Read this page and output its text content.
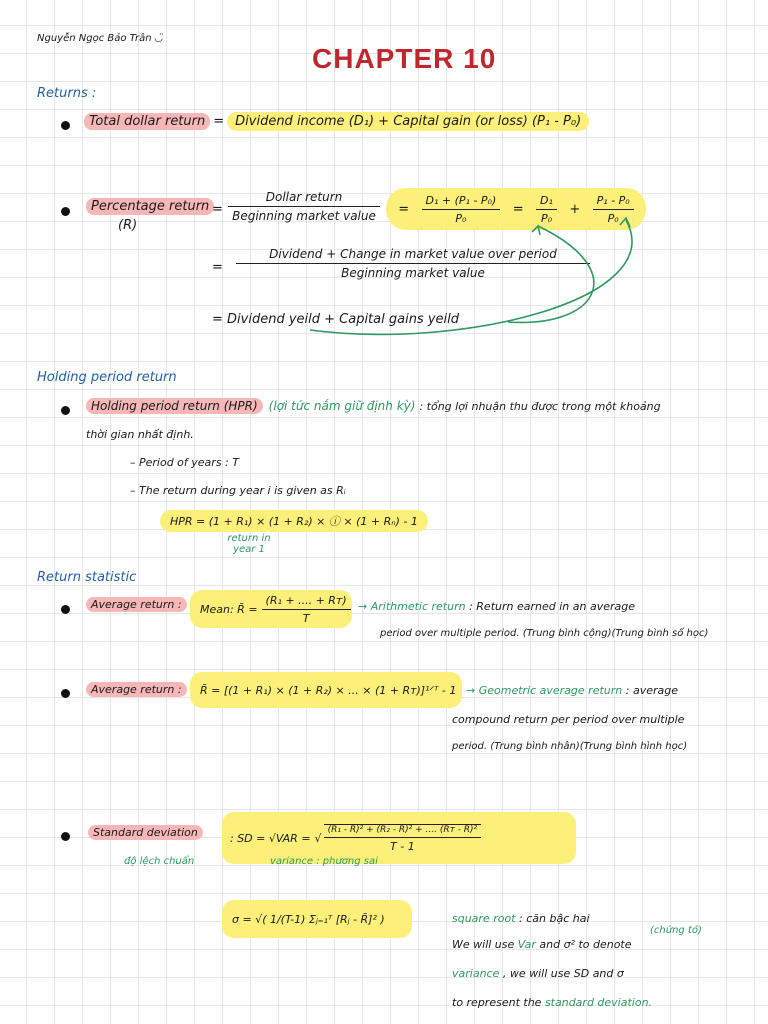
Nguyễn Ngọc Bảo Trân ◡̈
CHAPTER 10
Returns :
Total dollar return = Dividend income (D₁) + Capital gain (or loss) (P₁ - P₀)
Percentage return
(R)
= $\frac{\text{Dollar return}}{\text{Beginning market value}} = \frac{\text{D₁ + (P₁ - P₀)}}{\text{P₀}} = \frac{\text{D₁}}{\text{P₀}} + \frac{\text{P₁ - P₀}}{\text{P₀}}$
= $\frac{\text{Dividend + Change in market value over period}}{\text{Beginning market value}}$
= Dividend yeild + Capital gains yeild
Holding period return
Holding period return (HPR) (lợi tức nắm giữ định kỳ) : tổng lợi nhuận thu được trong một khoảng
thời gian nhất định.
– Period of years : T
– The return during year i is given as Rᵢ
HPR = (1 + R₁) × (1 + R₂) × ⓘ × (1 + Rₙ) - 1
return in year 1
Return statistic
Average return :	Mean: R̄ = $\frac{\text{(R₁ + .... + Rт)}}{T}$ → Arithmetic return : Return earned in an average
period over multiple period. (Trung bình cộng)(Trung bình số học)
Average return :	R̄ = [(1 + R₁) × (1 + R₂) × ... × (1 + Rт)]¹ᐟᵀ - 1 → Geometric average return : average
compound return per period over multiple
period. (Trung bình nhân)(Trung bình hình học)
Standard deviation	: SD = √VAR = √ $\frac{\text{(R₁ - R̄)² + (R₂ - R̄)² + .... (Rт - R̄)²}}{T - 1}$
độ lệch chuẩn	variance : phương sai
σ = √( 1/(T-1) Σⱼ₌₁ᵀ [Rⱼ - R̄]² )	square root : căn bậc hai
(chứng tỏ)
We will use Var and σ² to denote
variance , we will use SD and σ
to represent the standard deviation.
